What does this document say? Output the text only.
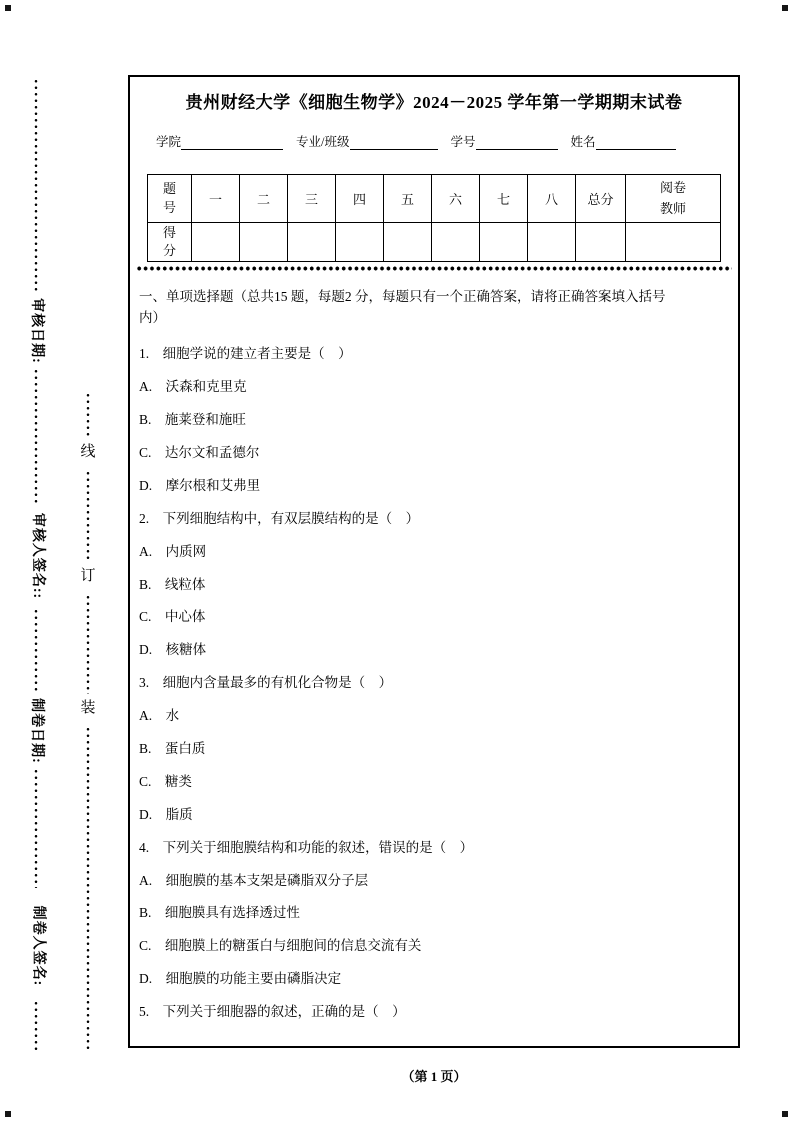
审核日期:
审核人签名::
制卷日期:
制卷人签名:
线
订
装
贵州财经大学《细胞生物学》2024－2025 学年第一学期期末试卷
学院	专业/班级	学号	姓名
题号	一	二	三	四	五	六	七	八	总分	阅卷教师
得分										
一、单项选择题（总共15 题，每题2 分，每题只有一个正确答案，请将正确答案填入括号内）
1.　细胞学说的建立者主要是（　）
A.　沃森和克里克
B.　施莱登和施旺
C.　达尔文和孟德尔
D.　摩尔根和艾弗里
2.　下列细胞结构中，有双层膜结构的是（　）
A.　内质网
B.　线粒体
C.　中心体
D.　核糖体
3.　细胞内含量最多的有机化合物是（　）
A.　水
B.　蛋白质
C.　糖类
D.　脂质
4.　下列关于细胞膜结构和功能的叙述，错误的是（　）
A.　细胞膜的基本支架是磷脂双分子层
B.　细胞膜具有选择透过性
C.　细胞膜上的糖蛋白与细胞间的信息交流有关
D.　细胞膜的功能主要由磷脂决定
5.　下列关于细胞器的叙述，正确的是（　）
（第 1 页）
